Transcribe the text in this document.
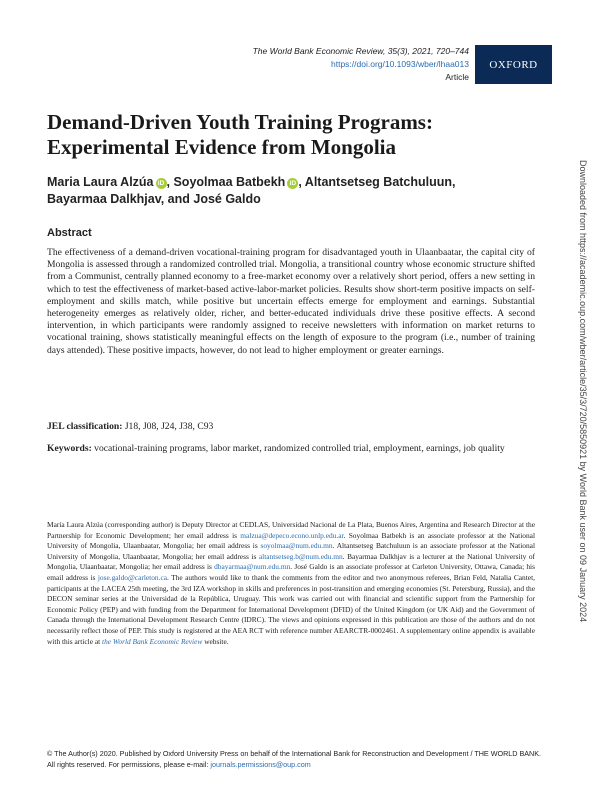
The World Bank Economic Review, 35(3), 2021, 720–744
https://doi.org/10.1093/wber/lhaa013
Article
OXFORD
Demand-Driven Youth Training Programs:
Experimental Evidence from Mongolia
Maria Laura Alzúa iD , Soyolmaa Batbekh iD , Altantsetseg Batchuluun,
Bayarmaa Dalkhjav, and José Galdo
Abstract
The effectiveness of a demand-driven vocational-training program for disadvantaged youth in Ulaanbaatar, the capital city of Mongolia is assessed through a randomized controlled trial. Mongolia, a transitional country whose economic structure shifted from a Communist, centrally planned economy to a free-market economy over a relatively short period, offers a new setting in which to test the effectiveness of market-based active-labor-market policies. Results show short-term positive impacts on self-employment and skills match, while positive but uncertain effects emerge for employment and earnings. Substantial heterogeneity emerges as relatively older, richer, and better-educated individuals drive these positive effects. A second intervention, in which participants were randomly assigned to receive newsletters with information on market returns to vocational training, shows statistically meaningful effects on the length of exposure to the program (i.e., number of training days attended). These positive impacts, however, do not lead to higher employment or greater earnings.
JEL classification: J18, J08, J24, J38, C93
Keywords: vocational-training programs, labor market, randomized controlled trial, employment, earnings, job quality
María Laura Alzúa (corresponding author) is Deputy Director at CEDLAS, Universidad Nacional de La Plata, Buenos Aires, Argentina and Research Director at the Partnership for Economic Development; her email address is malzua@depeco.econo.unlp.edu.ar. Soyolmaa Batbekh is an associate professor at the National University of Mongolia, Ulaanbaatar, Mongolia; her email address is soyolmaa@num.edu.mn. Altantsetseg Batchuluun is an associate professor at the National University of Mongolia, Ulaanbaatar, Mongolia; her email address is altantsetseg.b@num.edu.mn. Bayarmaa Dalkhjav is a lecturer at the National University of Mongolia, Ulaanbaatar, Mongolia; her email address is dbayarmaa@num.edu.mn. José Galdo is an associate professor at Carleton University, Ottawa, Canada; his email address is jose.galdo@carleton.ca. The authors would like to thank the comments from the editor and two anonymous referees, Brian Feld, Natalia Cantet, participants at the LACEA 25th meeting, the 3rd IZA workshop in skills and preferences in post-transition and emerging economies (St. Petersburg, Russia), and the DECON seminar series at the Universidad de la República, Uruguay. This work was carried out with financial and scientific support from the Partnership for Economic Policy (PEP) and with funding from the Department for International Development (DFID) of the United Kingdom (or UK Aid) and the Government of Canada through the International Development Research Centre (IDRC). The views and opinions expressed in this publication are those of the authors and do not necessarily reflect those of PEP. This study is registered at the AEA RCT with reference number AEARCTR-0002461. A supplementary online appendix is available with this article at the World Bank Economic Review website.
© The Author(s) 2020. Published by Oxford University Press on behalf of the International Bank for Reconstruction and Development / THE WORLD BANK.
All rights reserved. For permissions, please e-mail: journals.permissions@oup.com
Downloaded from https://academic.oup.com/wber/article/35/3/720/5850921 by World Bank user on 09 January 2024
